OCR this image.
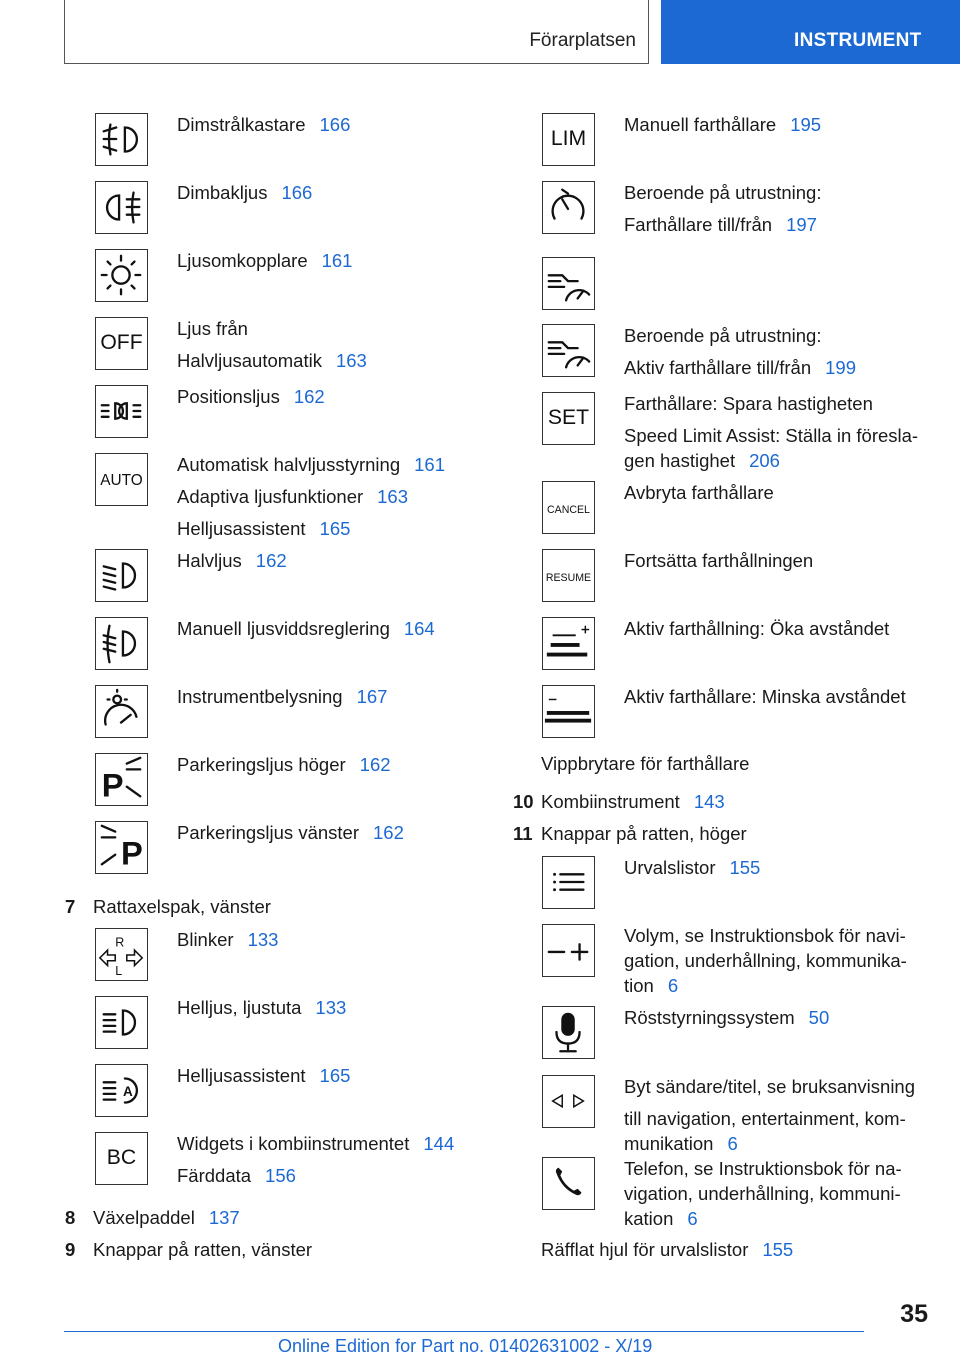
Förarplatsen	INSTRUMENT
Dimstrålkastare 166
Dimbakljus 166
Ljusomkopplare 161
OFF
Ljus från
Halvljusautomatik 163
Positionsljus 162
AUTO
Automatisk halvljusstyrning 161
Adaptiva ljusfunktioner 163
Helljusassistent 165
Halvljus 162
Manuell ljusviddsreglering 164
Instrumentbelysning 167
P
Parkeringsljus höger 162
P
Parkeringsljus vänster 162
R
L
Blinker 133
Helljus, ljustuta 133
A
Helljusassistent 165
BC
Widgets i kombiinstrumentet 144
Färddata 156
LIM
Manuell farthållare 195
Beroende på utrustning:
Farthållare till/från 197
Beroende på utrustning:
Aktiv farthållare till/från 199
SET
Farthållare: Spara hastigheten
Speed Limit Assist: Ställa in föresla-
gen hastighet 206
CANCEL
Avbryta farthållare
RESUME
Fortsätta farthållningen
Aktiv farthållning: Öka avståndet
Aktiv farthållare: Minska avståndet
Urvalslistor 155
Volym, se Instruktionsbok för navi-
gation, underhållning, kommunika-
tion 6
Röststyrningssystem 50
Byt sändare/titel, se bruksanvisning
till navigation, entertainment, kom-
munikation 6
Telefon, se Instruktionsbok för na-
vigation, underhållning, kommuni-
kation 6
7 Rattaxelspak, vänster
8 Växelpaddel 137
9 Knappar på ratten, vänster
Vippbrytare för farthållare
10 Kombiinstrument 143
11 Knappar på ratten, höger
Räfflat hjul för urvalslistor 155
35
Online Edition for Part no. 01402631002 - X/19
